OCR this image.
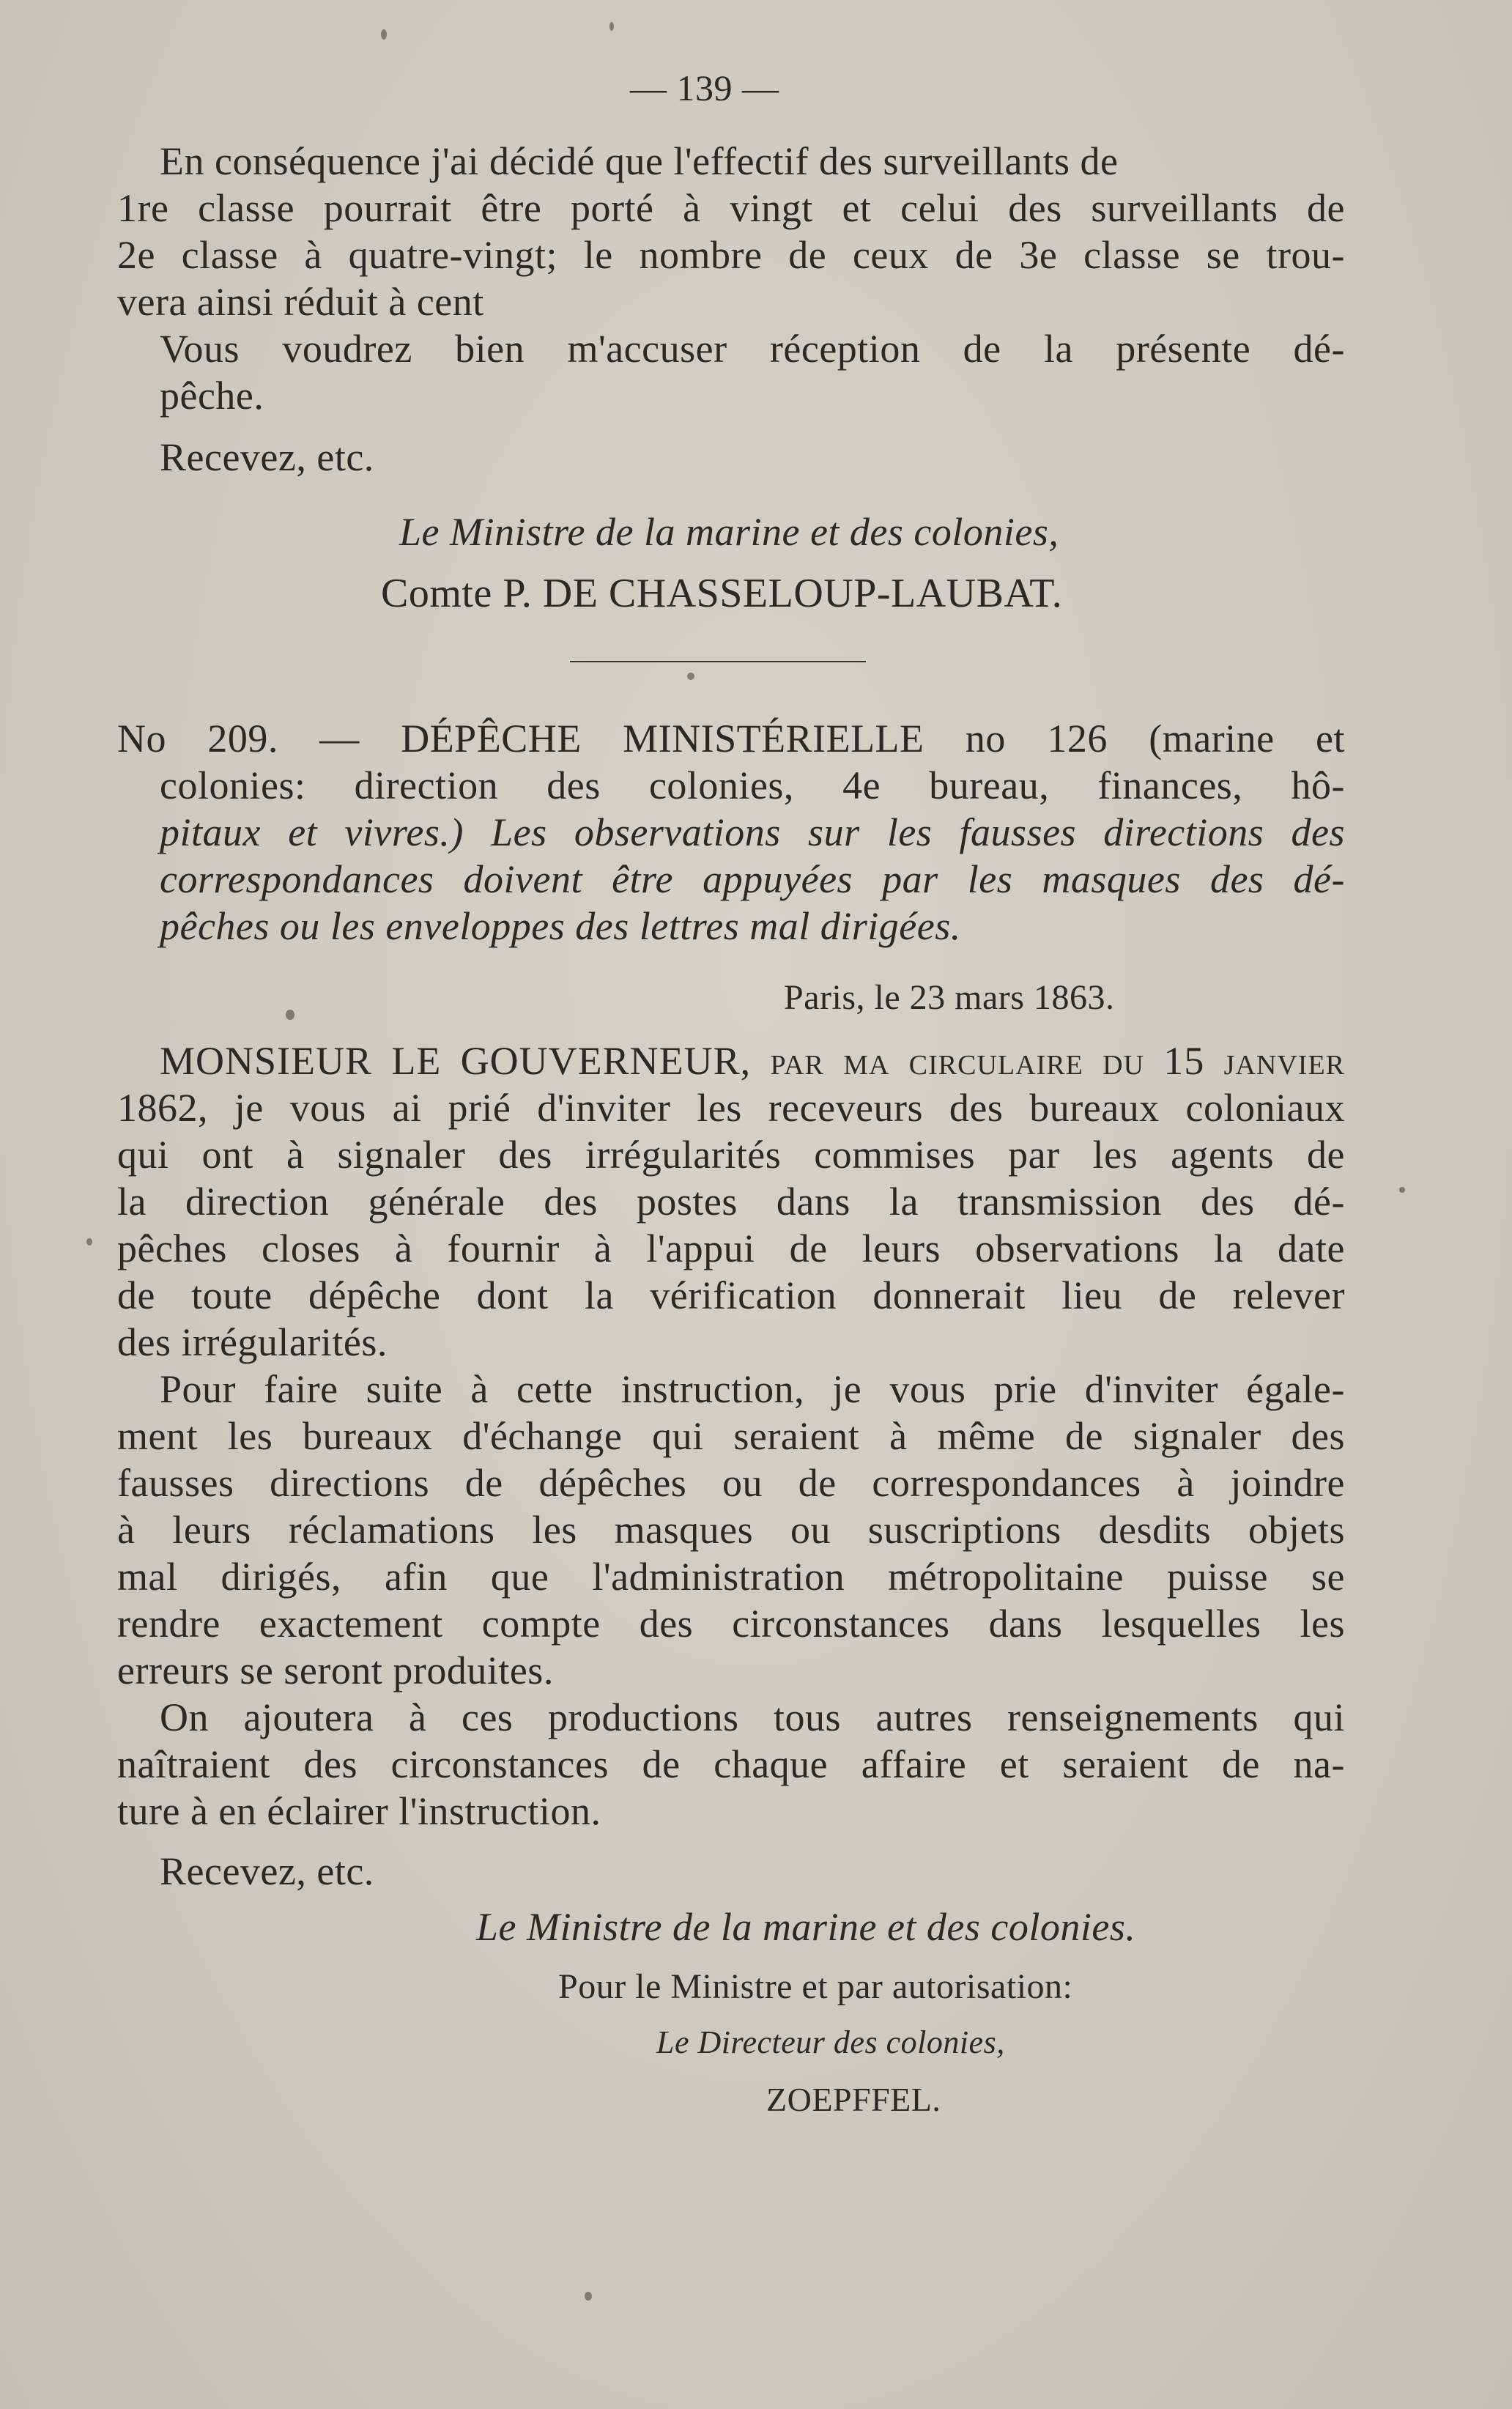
— 139 —
En conséquence j'ai décidé que l'effectif des surveillants de
1re classe pourrait être porté à vingt et celui des surveillants de
2e classe à quatre-vingt; le nombre de ceux de 3e classe se trou-
vera ainsi réduit à cent
Vous voudrez bien m'accuser réception de la présente dé-
pêche.
Recevez, etc.
Le Ministre de la marine et des colonies,
Comte P. DE CHASSELOUP-LAUBAT.
No 209. — DÉPÊCHE MINISTÉRIELLE no 126 (marine et
colonies: direction des colonies, 4e bureau, finances, hô-
pitaux et vivres.) Les observations sur les fausses directions des
correspondances doivent être appuyées par les masques des dé-
pêches ou les enveloppes des lettres mal dirigées.
Paris, le 23 mars 1863.
MONSIEUR LE GOUVERNEUR, par ma circulaire du 15 janvier
1862, je vous ai prié d'inviter les receveurs des bureaux coloniaux
qui ont à signaler des irrégularités commises par les agents de
la direction générale des postes dans la transmission des dé-
pêches closes à fournir à l'appui de leurs observations la date
de toute dépêche dont la vérification donnerait lieu de relever
des irrégularités.
Pour faire suite à cette instruction, je vous prie d'inviter égale-
ment les bureaux d'échange qui seraient à même de signaler des
fausses directions de dépêches ou de correspondances à joindre
à leurs réclamations les masques ou suscriptions desdits objets
mal dirigés, afin que l'administration métropolitaine puisse se
rendre exactement compte des circonstances dans lesquelles les
erreurs se seront produites.
On ajoutera à ces productions tous autres renseignements qui
naîtraient des circonstances de chaque affaire et seraient de na-
ture à en éclairer l'instruction.
Recevez, etc.
Le Ministre de la marine et des colonies.
Pour le Ministre et par autorisation:
Le Directeur des colonies,
ZOEPFFEL.
